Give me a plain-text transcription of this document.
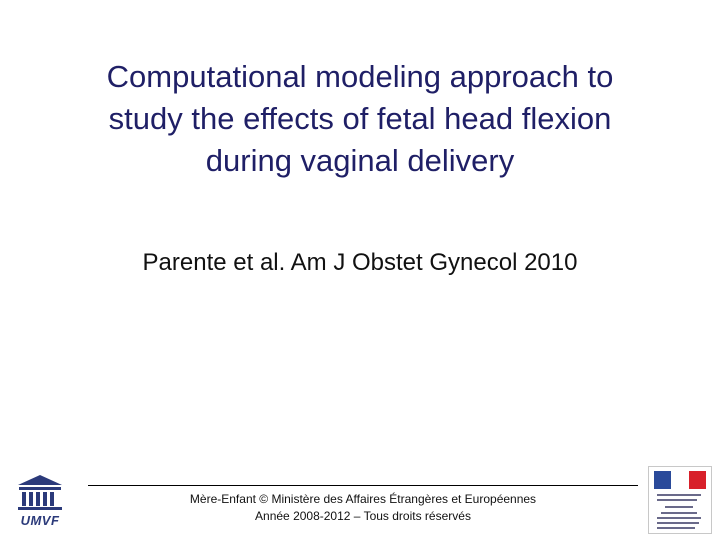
Computational modeling approach to
study the effects of fetal head flexion
during vaginal delivery

Parente et al. Am J Obstet Gynecol 2010

UMVF
Mère-Enfant © Ministère des Affaires Étrangères et Européennes
Année 2008-2012 – Tous droits réservés
